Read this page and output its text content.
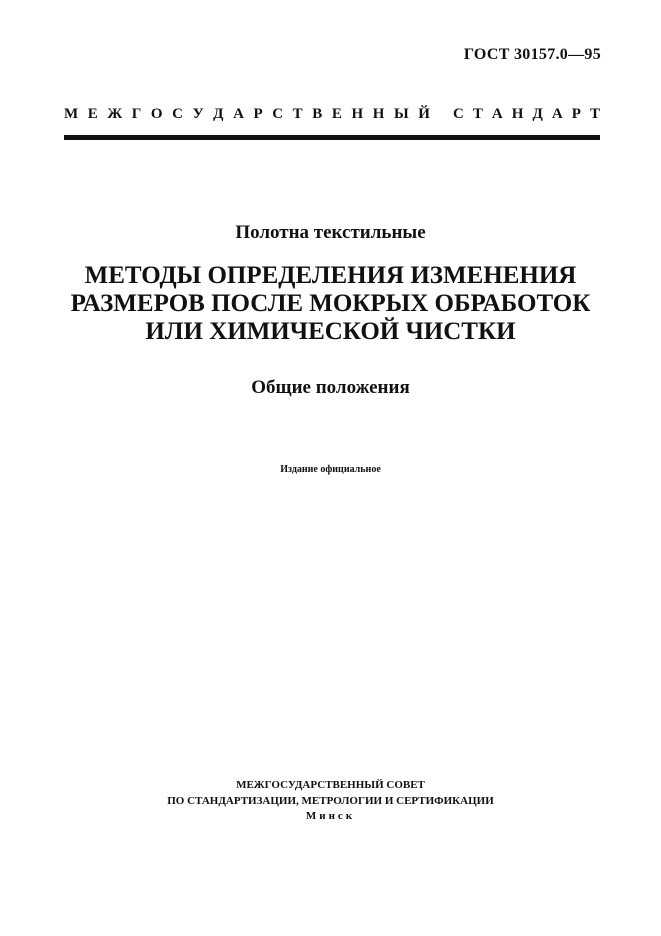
ГОСТ 30157.0—95
М Е Ж Г О С У Д А Р С Т В Е Н Н Ы Й С Т А Н Д А Р Т
Полотна текстильные
МЕТОДЫ ОПРЕДЕЛЕНИЯ ИЗМЕНЕНИЯ
РАЗМЕРОВ ПОСЛЕ МОКРЫХ ОБРАБОТОК
ИЛИ ХИМИЧЕСКОЙ ЧИСТКИ
Общие положения
Издание официальное
МЕЖГОСУДАРСТВЕННЫЙ СОВЕТ
ПО СТАНДАРТИЗАЦИИ, МЕТРОЛОГИИ И СЕРТИФИКАЦИИ
Минск
